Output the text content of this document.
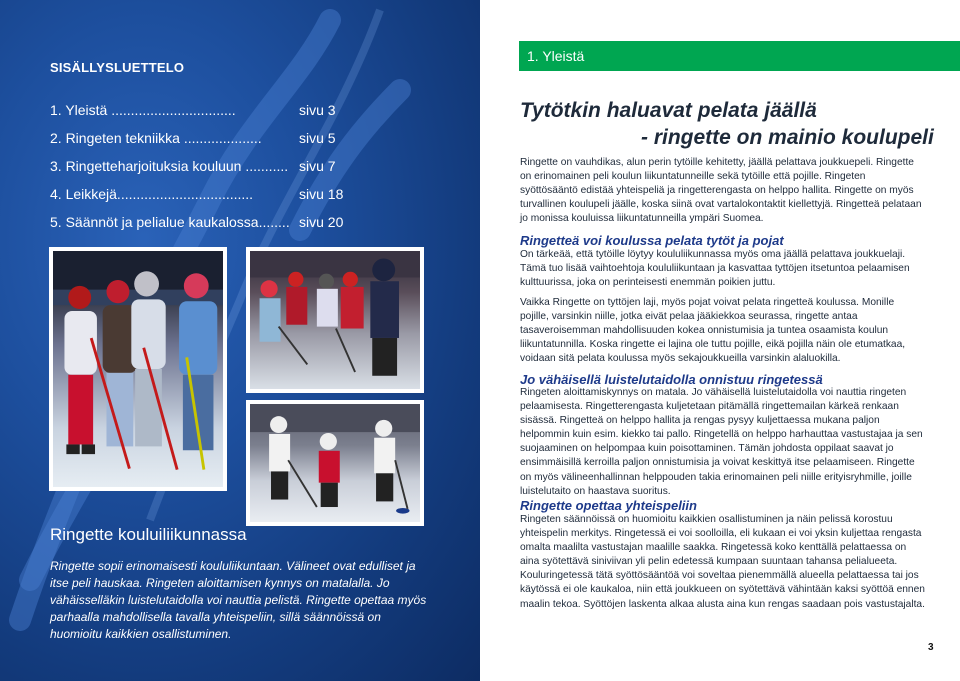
SISÄLLYSLUETTELO
1. Yleistä ................................	sivu 3
2. Ringeten tekniikka ....................	sivu 5
3. Ringetteharjoituksia kouluun ........... sivu 7
4. Leikkejä...................................	sivu 18
5. Säännöt ja pelialue kaukalossa........ sivu 20
Ringette kouluiliikunnassa
Ringette sopii erinomaisesti koululiikuntaan. Välineet ovat edulliset ja itse peli hauskaa. Ringeten aloittamisen kynnys on matalalla. Jo vähäisselläkin luistelutaidolla voi nauttia pelistä. Ringette opettaa myös parhaalla mahdollisella tavalla yhteispeliin, sillä säännöissä on huomioitu kaikkien osallistuminen.
1. Yleistä
Tytötkin haluavat pelata jäällä
- ringette on mainio koulupeli
Ringette on vauhdikas, alun perin tytöille kehitetty, jäällä pelattava joukkuepeli. Ringette on erinomainen peli koulun liikuntatunneille sekä tytöille että pojille. Ringeten syöttösääntö edistää yhteispeliä ja ringetterengasta on helppo hallita. Ringette on myös turvallinen koulupeli jäälle, koska siinä ovat vartalokontaktit kiellettyjä. Ringetteä pelataan jo monissa kouluissa liikuntatunneilla ympäri Suomea.
Ringetteä voi koulussa pelata tytöt ja pojat
On tärkeää, että tytöille löytyy koululiikunnassa myös oma jäällä pelattava joukkuelaji. Tämä tuo lisää vaihtoehtoja koululiikuntaan ja kasvattaa tyttöjen itsetuntoa pelaamisen kulttuurissa, joka on perinteisesti enemmän poikien juttu.
Vaikka Ringette on tyttöjen laji, myös pojat voivat pelata ringetteä koulussa. Monille pojille, varsinkin niille, jotka eivät pelaa jääkiekkoa seurassa, ringette antaa tasaveroisemman mahdollisuuden kokea onnistumisia ja tuntea osaamista koulun liikuntatunnilla. Koska ringette ei lajina ole tuttu pojille, eikä pojilla näin ole etumatkaa, voidaan sitä pelata koulussa myös sekajoukkueilla varsinkin alaluokilla.
Jo vähäisellä luistelutaidolla onnistuu ringetessä
Ringeten aloittamiskynnys on matala. Jo vähäisellä luistelutaidolla voi nauttia ringeten pelaamisesta. Ringetterengasta kuljetetaan pitämällä ringettemailan kärkeä renkaan sisässä. Ringetteä on helppo hallita ja rengas pysyy kuljettaessa mukana paljon helpommin kuin esim. kiekko tai pallo. Ringetellä on helppo harhauttaa vastustajaa ja sen suojaaminen on helpompaa kuin poisottaminen. Tämän johdosta oppilaat saavat jo ensimmäisillä kerroilla paljon onnistumisia ja voivat keskittyä itse pelaamiseen. Ringette on myös välineenhallinnan helppouden takia erinomainen peli niille erityisryhmille, joille luistelutaito on haastava suoritus.
Ringette opettaa yhteispeliin
Ringeten säännöissä on huomioitu kaikkien osallistuminen ja näin pelissä korostuu yhteispelin merkitys. Ringetessä ei voi soolloilla, eli kukaan ei voi yksin kuljettaa rengasta omalta maalilta vastustajan maalille saakka. Ringetessä koko kenttällä pelattaessa on aina syötettävä siniviivan yli pelin edetessä kumpaan suuntaan tahansa pelialueeta. Kouluringetessä tätä syöttösääntöä voi soveltaa pienemmällä alueella pelattaessa tai jos käytössä ei ole kaukaloa, niin että joukkueen on syötettävä vähintään kaksi syöttöä ennen maalin tekoa. Syöttöjen laskenta alkaa alusta aina kun rengas saadaan pois vastustajalta.
3
